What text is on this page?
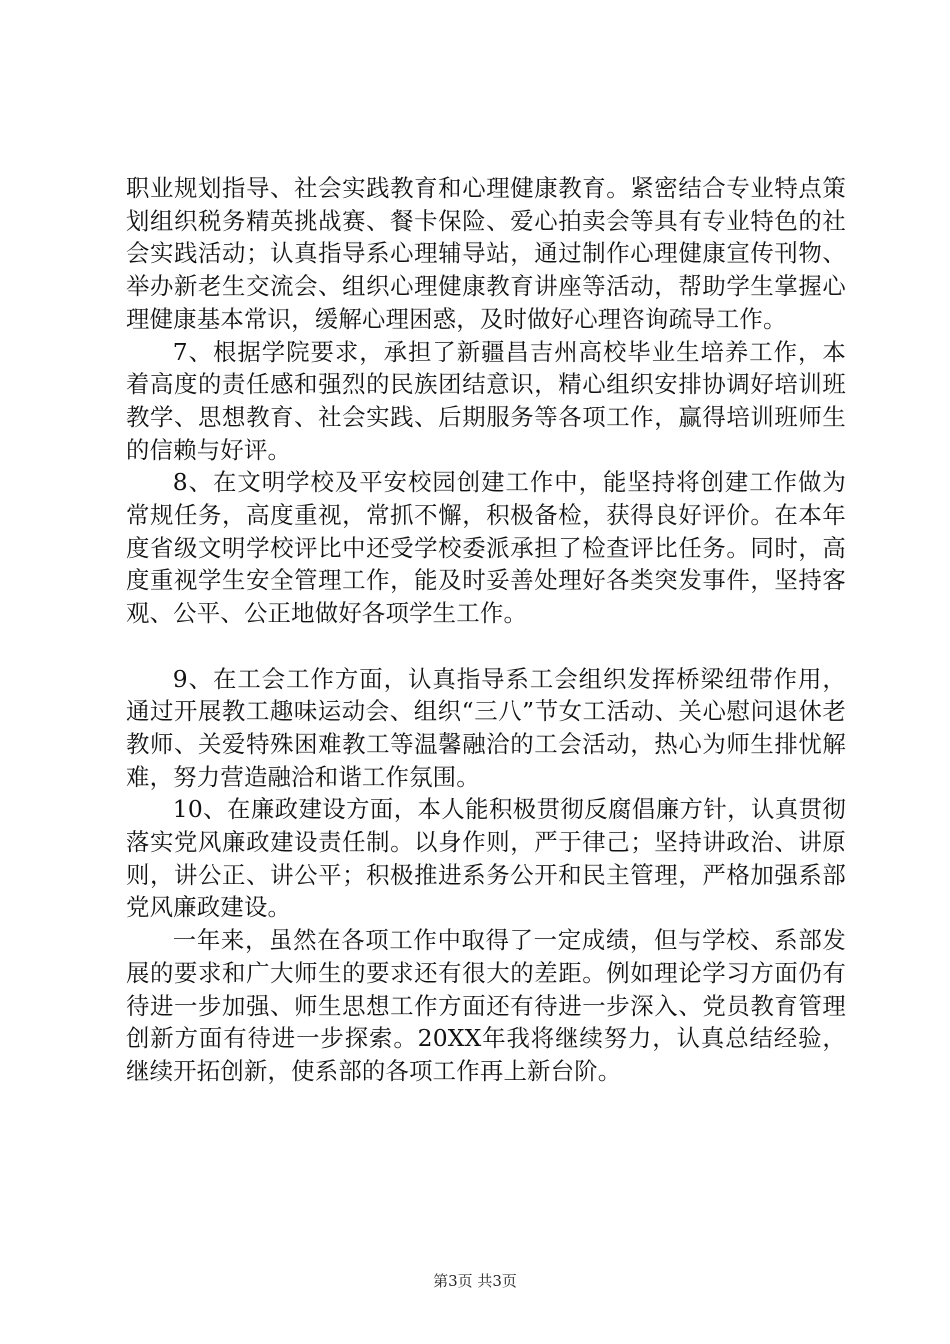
职业规划指导、社会实践教育和心理健康教育。紧密结合专业特点策划组织税务精英挑战赛、餐卡保险、爱心拍卖会等具有专业特色的社会实践活动；认真指导系心理辅导站，通过制作心理健康宣传刊物、举办新老生交流会、组织心理健康教育讲座等活动，帮助学生掌握心理健康基本常识，缓解心理困惑，及时做好心理咨询疏导工作。

7、根据学院要求，承担了新疆昌吉州高校毕业生培养工作，本着高度的责任感和强烈的民族团结意识，精心组织安排协调好培训班教学、思想教育、社会实践、后期服务等各项工作，赢得培训班师生的信赖与好评。

8、在文明学校及平安校园创建工作中，能坚持将创建工作做为常规任务，高度重视，常抓不懈，积极备检，获得良好评价。在本年度省级文明学校评比中还受学校委派承担了检查评比任务。同时，高度重视学生安全管理工作，能及时妥善处理好各类突发事件，坚持客观、公平、公正地做好各项学生工作。

9、在工会工作方面，认真指导系工会组织发挥桥梁纽带作用，通过开展教工趣味运动会、组织“三八”节女工活动、关心慰问退休老教师、关爱特殊困难教工等温馨融洽的工会活动，热心为师生排忧解难，努力营造融洽和谐工作氛围。

10、在廉政建设方面，本人能积极贯彻反腐倡廉方针，认真贯彻落实党风廉政建设责任制。以身作则，严于律己；坚持讲政治、讲原则，讲公正、讲公平；积极推进系务公开和民主管理，严格加强系部党风廉政建设。

一年来，虽然在各项工作中取得了一定成绩，但与学校、系部发展的要求和广大师生的要求还有很大的差距。例如理论学习方面仍有待进一步加强、师生思想工作方面还有待进一步深入、党员教育管理创新方面有待进一步探索。20XX年我将继续努力，认真总结经验，继续开拓创新，使系部的各项工作再上新台阶。

第3页 共3页
